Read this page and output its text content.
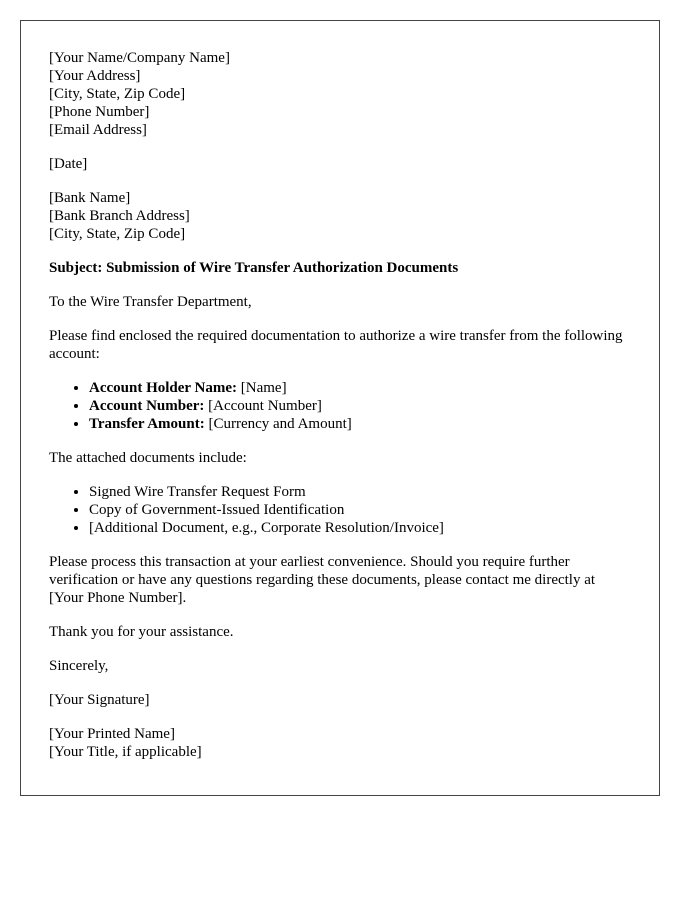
[Your Name/Company Name]
[Your Address]
[City, State, Zip Code]
[Phone Number]
[Email Address]

[Date]

[Bank Name]
[Bank Branch Address]
[City, State, Zip Code]

Subject: Submission of Wire Transfer Authorization Documents

To the Wire Transfer Department,

Please find enclosed the required documentation to authorize a wire transfer from the following account:

• Account Holder Name: [Name]
• Account Number: [Account Number]
• Transfer Amount: [Currency and Amount]

The attached documents include:

• Signed Wire Transfer Request Form
• Copy of Government-Issued Identification
• [Additional Document, e.g., Corporate Resolution/Invoice]

Please process this transaction at your earliest convenience. Should you require further verification or have any questions regarding these documents, please contact me directly at [Your Phone Number].

Thank you for your assistance.

Sincerely,

[Your Signature]

[Your Printed Name]
[Your Title, if applicable]
